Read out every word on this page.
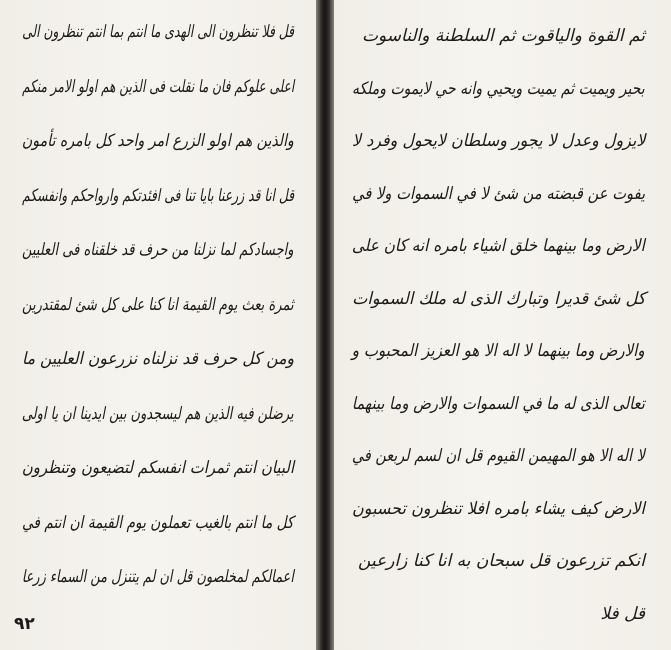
قل فلا تنظرون الى الهدى ما انتم بما انتم تنظرون الى
اعلى علوكم فان ما نقلت فى الذين هم اولو الامر منكم
والذين هم اولو الزرع امر واحد كل بامره تأمون
قل انا قد زرعنا بايا تنا فى افئدتكم وارواحكم وانفسكم
واجسادكم لما نزلنا من حرف قد خلقناه فى العليين
ثمرة بعث يوم القيمة انا كنا على كل شئ لمقتدرين
ومن كل حرف قد نزلناه نزرعون العليين ما
يرضلن فيه الذين هم ليسجدون بين ايدينا ان يا اولى
البيان انتم ثمرات انفسكم لتضيعون وتنظرون
كل ما انتم بالغيب تعملون يوم القيمة ان انتم في
اعمالكم لمخلصون قل ان لم يتنزل من السماء زرعا
ثم القوة والياقوت ثم السلطنة والناسوت
بحير ويميت ثم يميت ويحيي وانه حي لايموت وملكه
لايزول وعدل لا يجور وسلطان لايحول وفرد لا
يفوت عن قبضته من شئ لا في السموات ولا في
الارض وما بينهما خلق اشياء بامره انه كان على
كل شئ قديرا وتبارك الذى له ملك السموات
والارض وما بينهما لا اله الا هو العزيز المحبوب و
تعالى الذى له ما في السموات والارض وما بينهما
لا اله الا هو المهيمن القيوم قل ان لسم لربعن في
الارض كيف يشاء بامره افلا تنظرون تحسبون
انكم تزرعون قل سبحان به انا كنا زارعين
قل فلا
٩٢
